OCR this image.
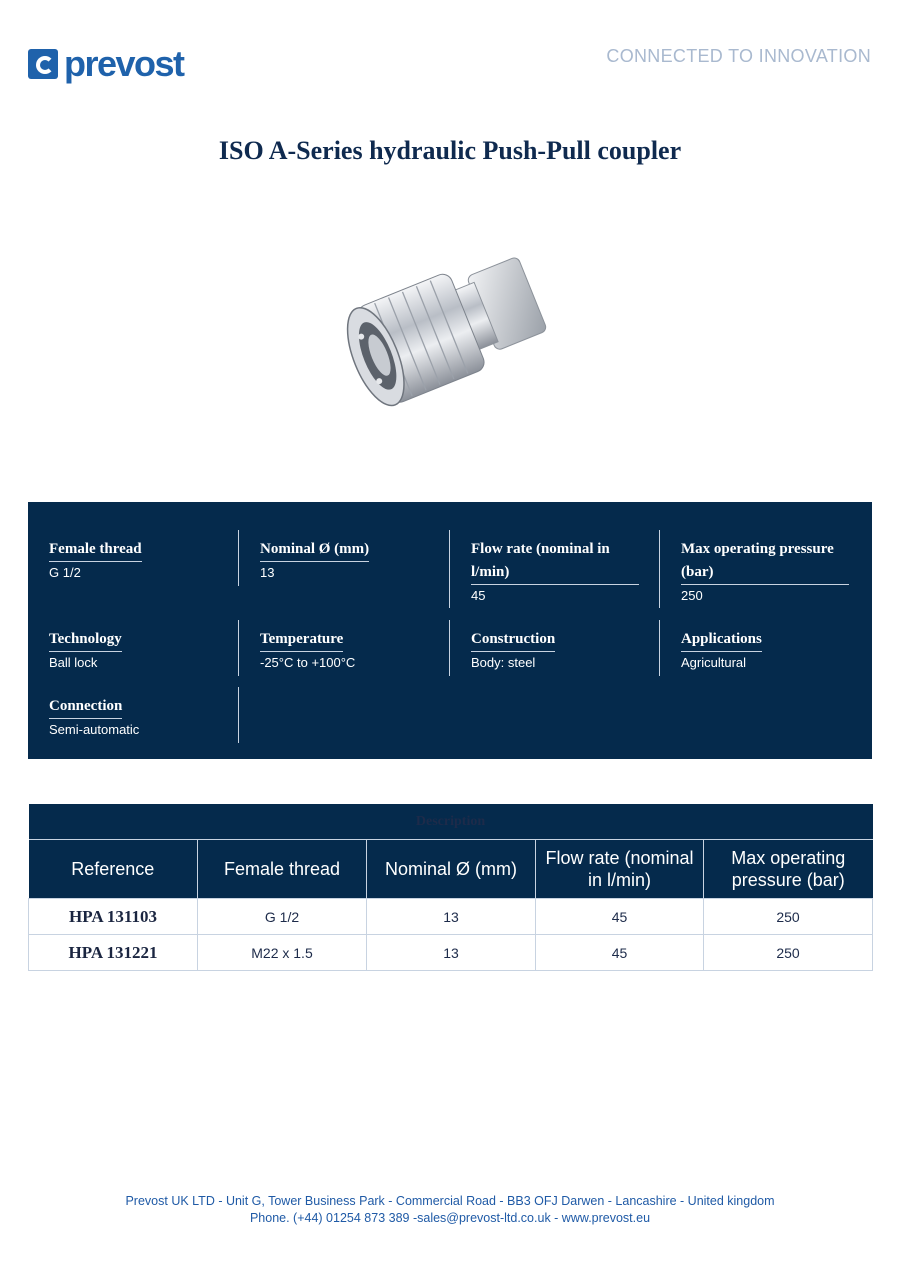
prevost	CONNECTED TO INNOVATION
ISO A-Series hydraulic Push-Pull coupler
Female thread
G 1/2
Nominal Ø (mm)
13
Flow rate (nominal in l/min)
45
Max operating pressure (bar)
250
Technology
Ball lock
Temperature
-25°C to +100°C
Construction
Body: steel
Applications
Agricultural
Connection
Semi-automatic
Description				
Reference	Female thread	Nominal Ø (mm)	Flow rate (nominal in l/min)	Max operating pressure (bar)
HPA 131103	G 1/2	13	45	250
HPA 131221	M22 x 1.5	13	45	250
Prevost UK LTD - Unit G, Tower Business Park - Commercial Road - BB3 OFJ Darwen - Lancashire - United kingdom
Phone. (+44) 01254 873 389 -sales@prevost-ltd.co.uk - www.prevost.eu
